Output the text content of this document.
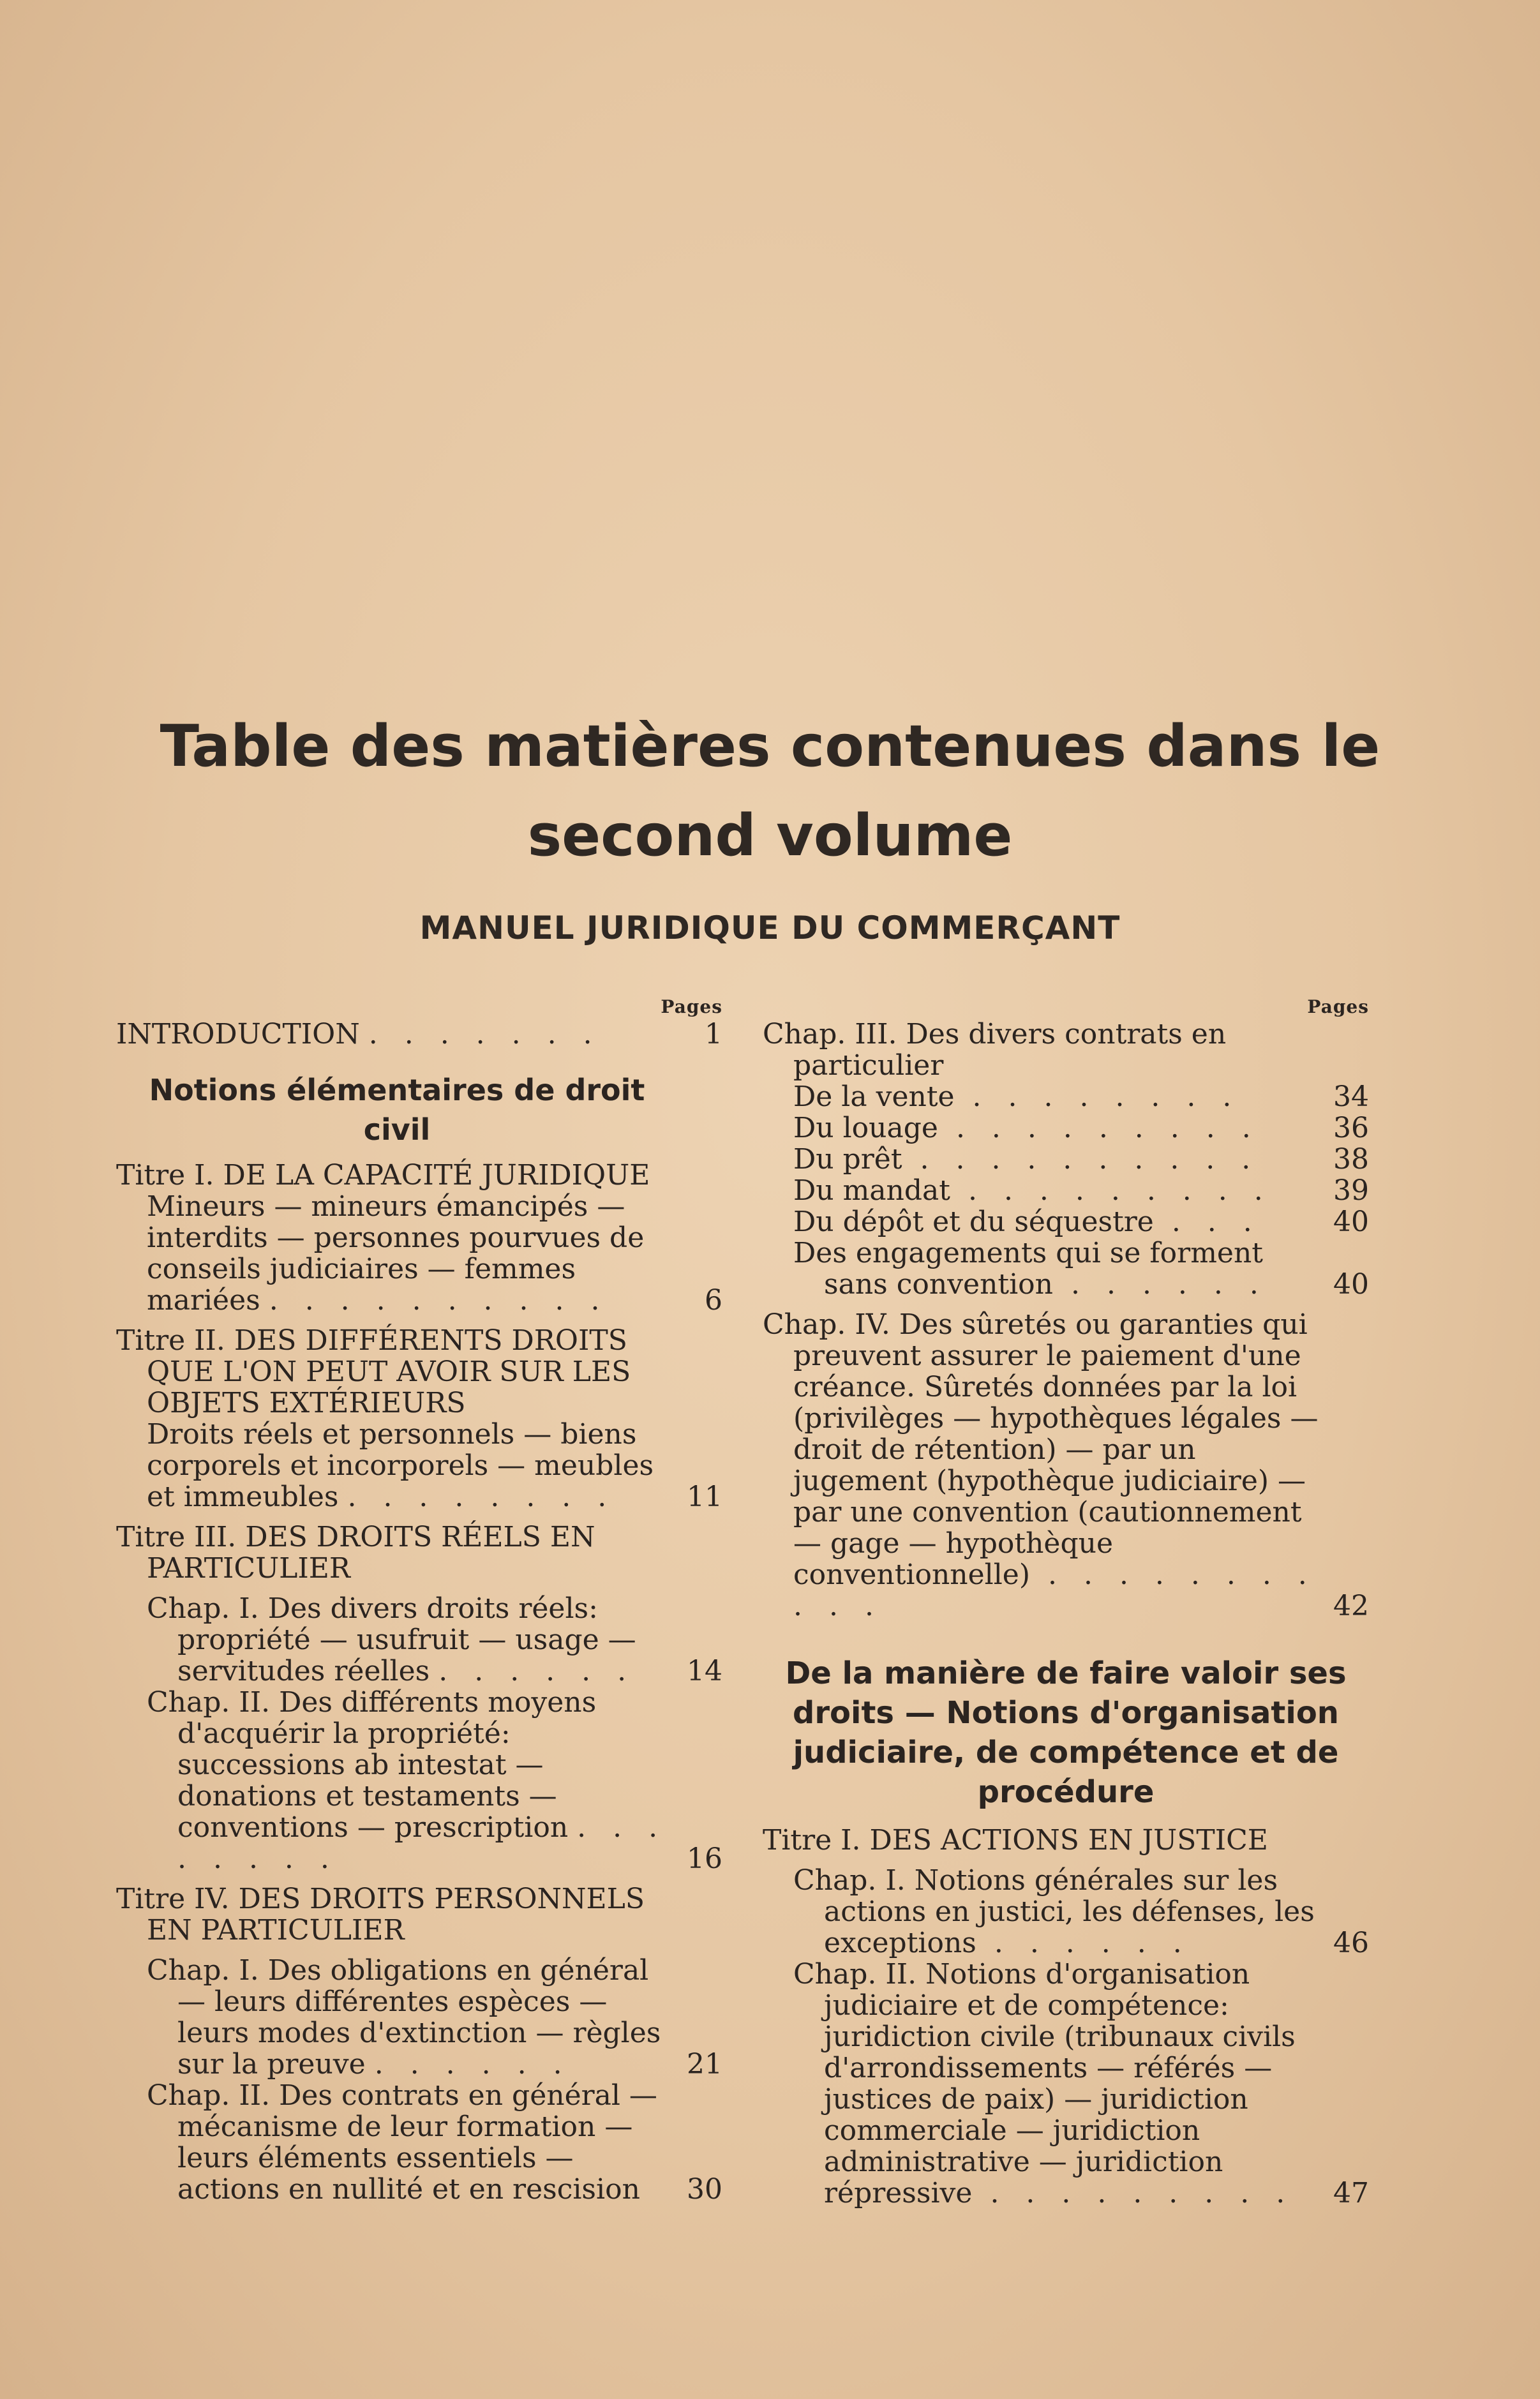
Table des matières contenues dans le second volume
MANUEL JURIDIQUE DU COMMERÇANT
Pages
INTRODUCTION . . . . . . .	1
Notions élémentaires de droit civil
Titre I. DE LA CAPACITÉ JURIDIQUE
Mineurs — mineurs émancipés — interdits — personnes pourvues de conseils judiciaires — femmes mariées . . . . . . . . . .	6
Titre II. DES DIFFÉRENTS DROITS QUE L'ON PEUT AVOIR SUR LES OBJETS EXTÉRIEURS
Droits réels et personnels — biens corporels et incorporels — meubles et immeubles . . . . . . . .	11
Titre III. DES DROITS RÉELS EN PARTICULIER
Chap. I. Des divers droits réels: propriété — usufruit — usage — servitudes réelles . . . . . . 14
Chap. II. Des différents moyens d'acquérir la propriété: successions ab intestat — donations et testaments — conventions — prescription . . . . . . . .	16
Titre IV. DES DROITS PERSONNELS EN PARTICULIER
Chap. I. Des obligations en général — leurs différentes espèces — leurs modes d'extinction — règles sur la preuve . . . . . .	21
Chap. II. Des contrats en général — mécanisme de leur formation — leurs éléments essentiels — actions en nullité et en rescision 30
Pages
Chap. III. Des divers contrats en particulier
De la vente . . . . . . . .	34
Du louage . . . . . . . . .	36
Du prêt . . . . . . . . . .	38
Du mandat . . . . . . . . . 39
Du dépôt et du séquestre . . .	40
Des engagements qui se forment sans convention . . . . . . 40
Chap. IV. Des sûretés ou garanties qui preuvent assurer le paiement d'une créance. Sûretés données par la loi (privilèges — hypothèques légales — droit de rétention) — par un jugement (hypothèque judiciaire) — par une convention (cautionnement — gage — hypothèque conventionnelle) . . . . . . . . . . .	42
De la manière de faire valoir ses droits — Notions d'organisation judiciaire, de compétence et de procédure
Titre I. DES ACTIONS EN JUSTICE
Chap. I. Notions générales sur les actions en justici, les défenses, les exceptions . . . . . .	46
Chap. II. Notions d'organisation judiciaire et de compétence: juridiction civile (tribunaux civils d'arrondissements — référés — justices de paix) — juridiction commerciale — juridiction administrative — juridiction répressive . . . . . . . . . 47
